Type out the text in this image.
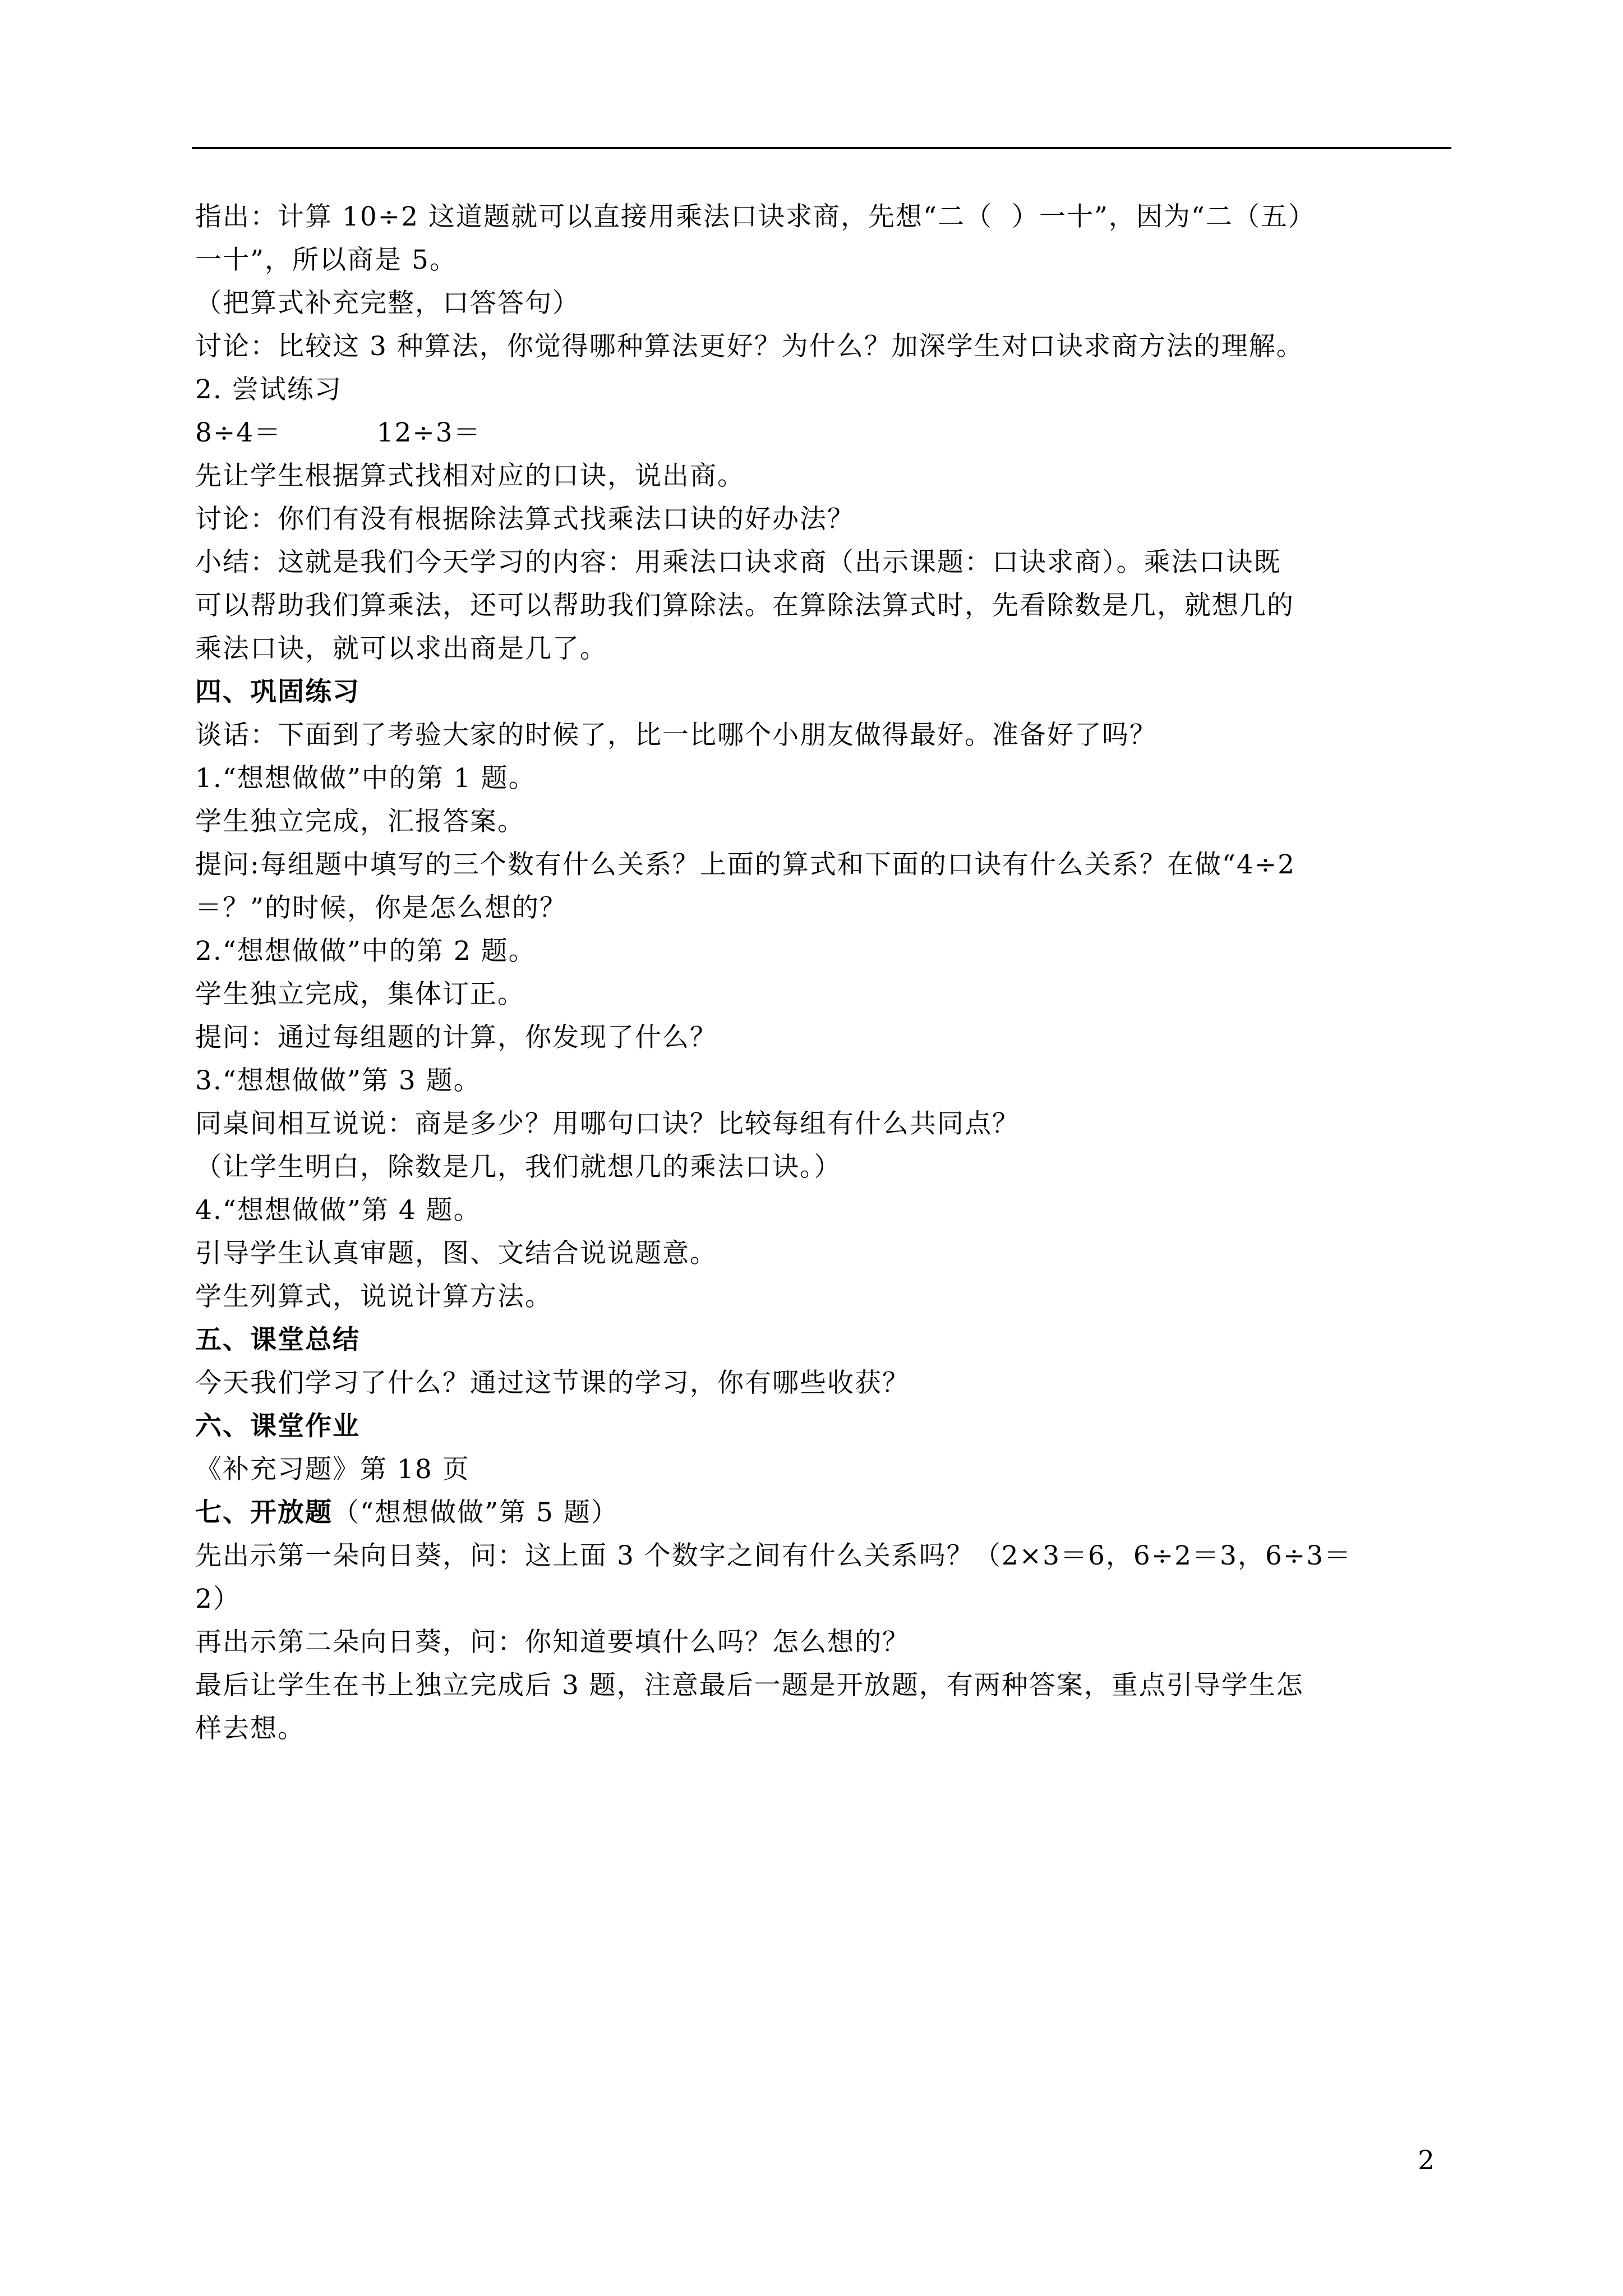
指出：计算 10÷2 这道题就可以直接用乘法口诀求商，先想“二（  ）一十”，因为“二（五）
一十”，所以商是 5。
（把算式补充完整，口答答句）
讨论：比较这 3 种算法，你觉得哪种算法更好？为什么？加深学生对口诀求商方法的理解。
2. 尝试练习
8÷4＝          12÷3＝
先让学生根据算式找相对应的口诀，说出商。
讨论：你们有没有根据除法算式找乘法口诀的好办法？
小结：这就是我们今天学习的内容：用乘法口诀求商（出示课题：口诀求商）。乘法口诀既
可以帮助我们算乘法，还可以帮助我们算除法。在算除法算式时，先看除数是几，就想几的
乘法口诀，就可以求出商是几了。
四、巩固练习
谈话：下面到了考验大家的时候了，比一比哪个小朋友做得最好。准备好了吗？
1.“想想做做”中的第 1 题。
学生独立完成，汇报答案。
提问:每组题中填写的三个数有什么关系？上面的算式和下面的口诀有什么关系？在做“4÷2
＝？”的时候，你是怎么想的？
2.“想想做做”中的第 2 题。
学生独立完成，集体订正。
提问：通过每组题的计算，你发现了什么？
3.“想想做做”第 3 题。
同桌间相互说说：商是多少？用哪句口诀？比较每组有什么共同点？
（让学生明白，除数是几，我们就想几的乘法口诀。）
4.“想想做做”第 4 题。
引导学生认真审题，图、文结合说说题意。
学生列算式，说说计算方法。
五、课堂总结
今天我们学习了什么？通过这节课的学习，你有哪些收获？
六、课堂作业
《补充习题》第 18 页
七、开放题（“想想做做”第 5 题）
先出示第一朵向日葵，问：这上面 3 个数字之间有什么关系吗？（2×3＝6，6÷2＝3，6÷3＝
2）
再出示第二朵向日葵，问：你知道要填什么吗？怎么想的？
最后让学生在书上独立完成后 3 题，注意最后一题是开放题，有两种答案，重点引导学生怎
样去想。
2
